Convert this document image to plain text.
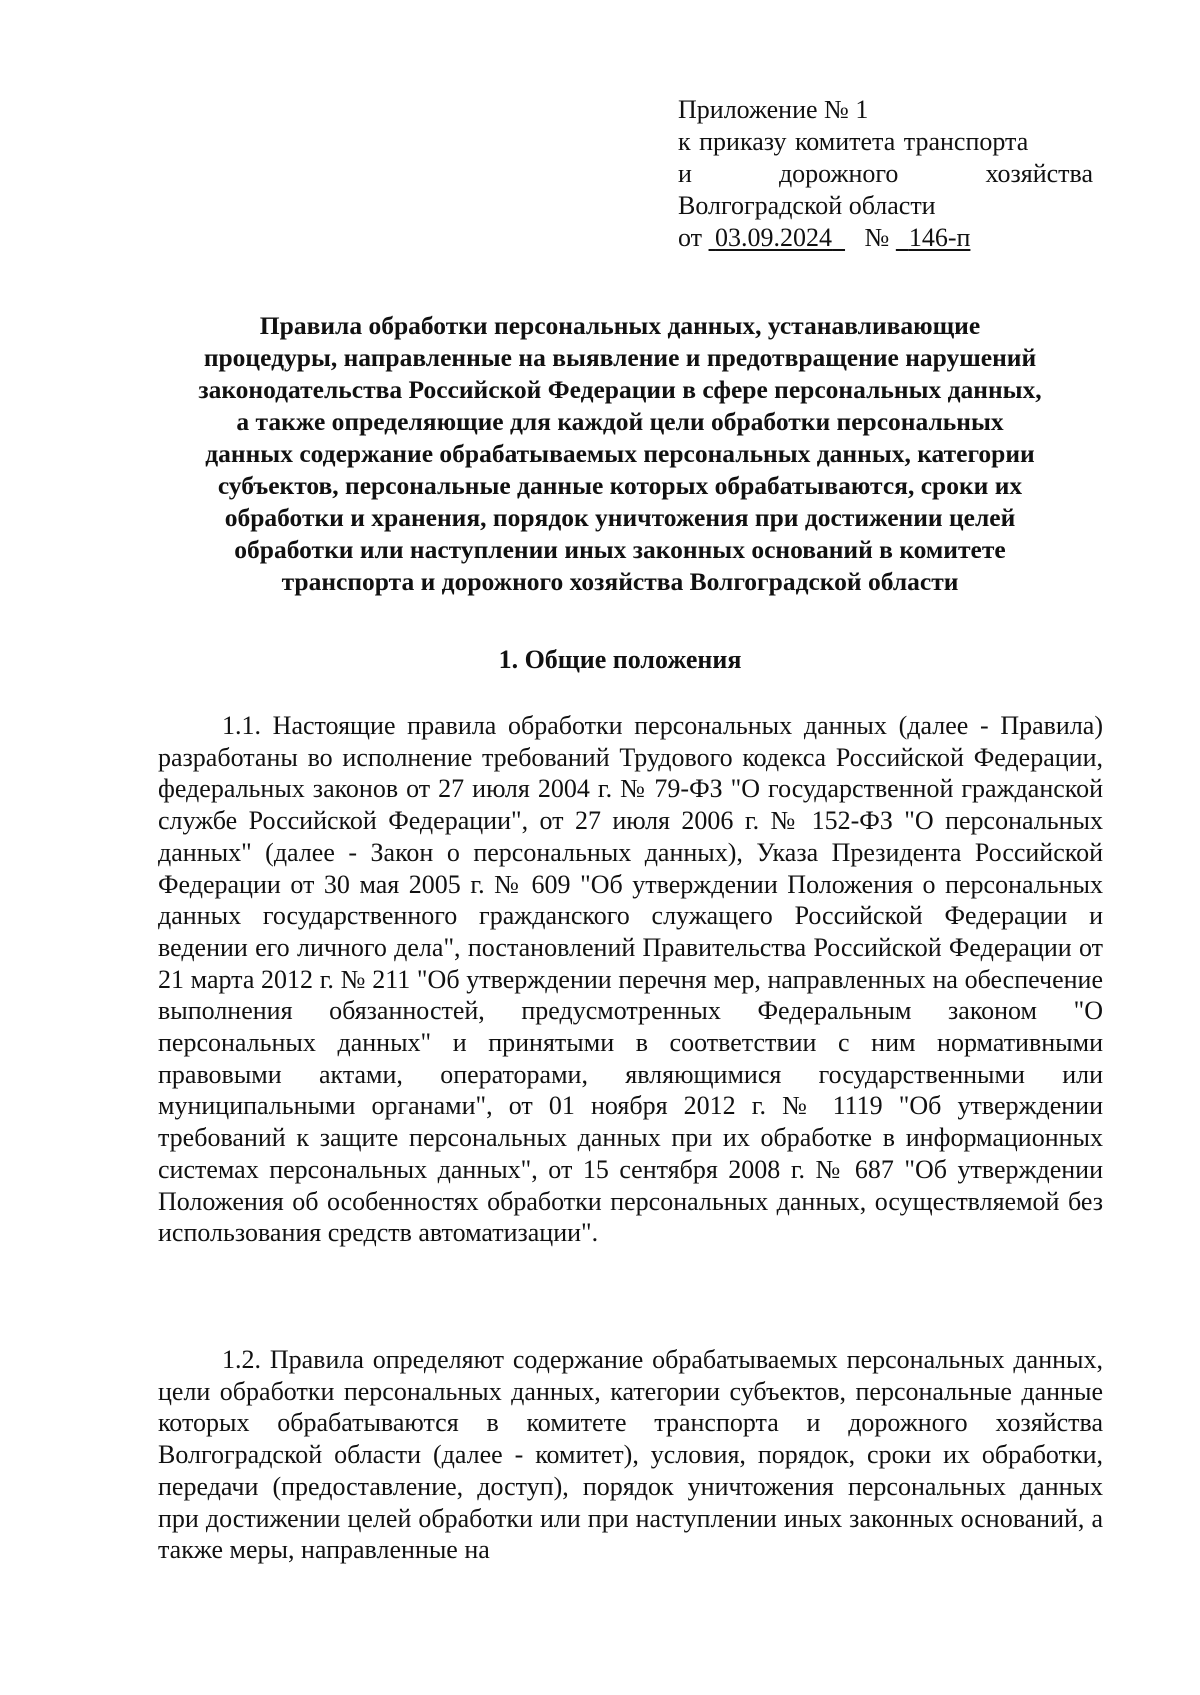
Приложение № 1
к приказу комитета транспорта
и	дорожного	хозяйства
Волгоградской области
от 03.09.2024 № 146-п
Правила обработки персональных данных, устанавливающие
процедуры, направленные на выявление и предотвращение нарушений
законодательства Российской Федерации в сфере персональных данных,
а также определяющие для каждой цели обработки персональных
данных содержание обрабатываемых персональных данных, категории
субъектов, персональные данные которых обрабатываются, сроки их
обработки и хранения, порядок уничтожения при достижении целей
обработки или наступлении иных законных оснований в комитете
транспорта и дорожного хозяйства Волгоградской области
1. Общие положения
1.1. Настоящие правила обработки персональных данных (далее - Правила) разработаны во исполнение требований Трудового кодекса Российской Федерации, федеральных законов от 27 июля 2004 г. № 79-ФЗ "О государственной гражданской службе Российской Федерации", от 27 июля 2006 г. № 152-ФЗ "О персональных данных" (далее - Закон о персональных данных), Указа Президента Российской Федерации от 30 мая 2005 г. № 609 "Об утверждении Положения о персональных данных государственного гражданского служащего Российской Федерации и ведении его личного дела", постановлений Правительства Российской Федерации от 21 марта 2012 г. № 211 "Об утверждении перечня мер, направленных на обеспечение выполнения обязанностей, предусмотренных Федеральным законом "О персональных данных" и принятыми в соответствии с ним нормативными правовыми актами, операторами, являющимися государственными или муниципальными органами", от 01 ноября 2012 г. № 1119 "Об утверждении требований к защите персональных данных при их обработке в информационных системах персональных данных", от 15 сентября 2008 г. № 687 "Об утверждении Положения об особенностях обработки персональных данных, осуществляемой без использования средств автоматизации".
1.2. Правила определяют содержание обрабатываемых персональных данных, цели обработки персональных данных, категории субъектов, персональные данные которых обрабатываются в комитете транспорта и дорожного хозяйства Волгоградской области (далее - комитет), условия, порядок, сроки их обработки, передачи (предоставление, доступ), порядок уничтожения персональных данных при достижении целей обработки или при наступлении иных законных оснований, а также меры, направленные на
